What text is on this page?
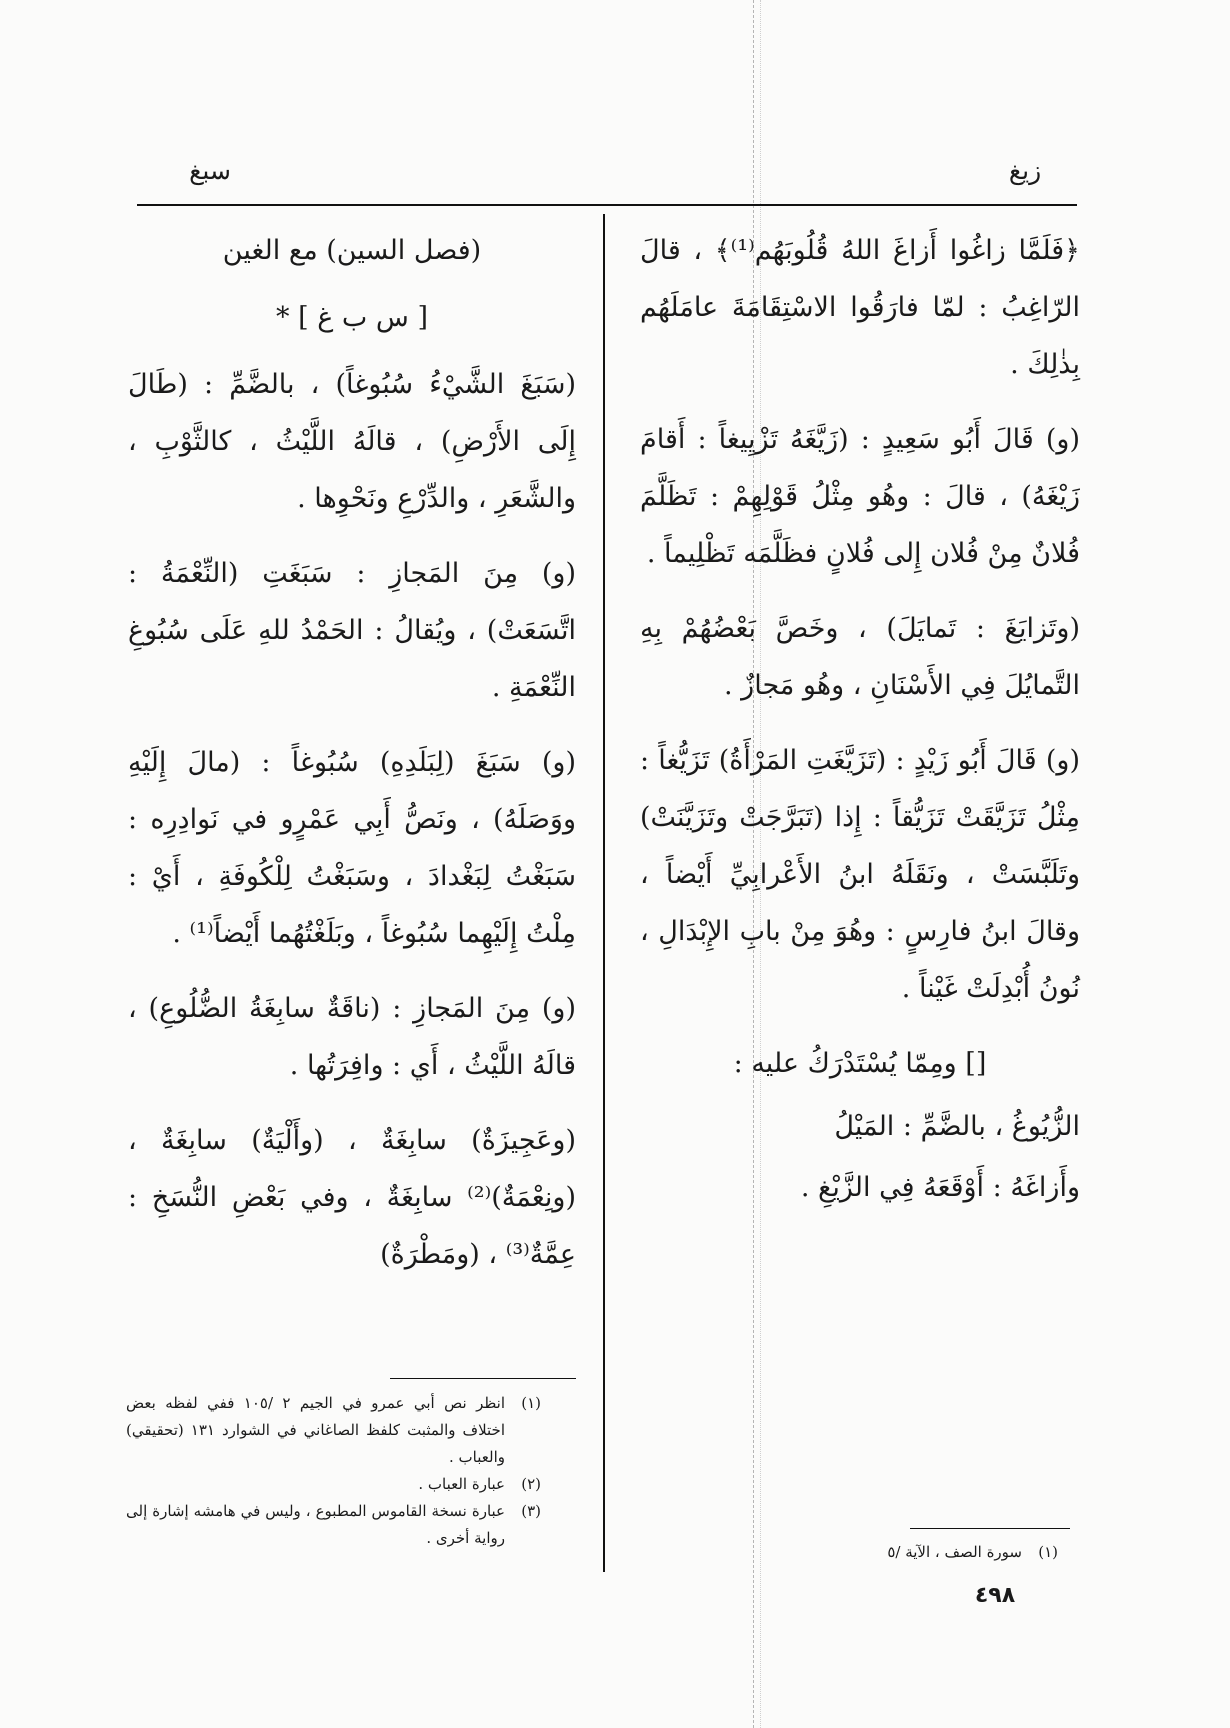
زيغ
سبغ

﴿فَلَمَّا زاغُوا أَزاغَ اللهُ قُلُوبَهُم⁽¹⁾﴾ ، قالَ الرّاغِبُ : لمّا فارَقُوا الاسْتِقَامَةَ عامَلَهُم بِذٰلِكَ .

(و) قَالَ أَبُو سَعِيدٍ : (زَيَّغَهُ تَزْيِيغاً : أَقامَ زَيْغَهُ) ، قالَ : وهُو مِثْلُ قَوْلِهِمْ : تَظَلَّمَ فُلانٌ مِنْ فُلان إِلى فُلانٍ فظَلَّمَه تَظْلِيماً .

(وتَزايَغَ : تَمايَلَ) ، وخَصَّ بَعْضُهُمْ بِهِ التَّمايُلَ فِي الأَسْنَانِ ، وهُو مَجازٌ .

(و) قَالَ أَبُو زَيْدٍ : (تَزَيَّغَتِ المَرْأَةُ) تَزَيُّغاً : مِثْلُ تَزَيَّقَتْ تَزَيُّقاً : إِذا (تَبَرَّجَتْ وتَزَيَّنَتْ) وتَلَبَّسَتْ ، ونَقَلَهُ ابنُ الأَعْرابِيِّ أَيْضاً ، وقالَ ابنُ فارِسٍ : وهُوَ مِنْ بابِ الإِبْدَالِ ، نُونُ أُبْدِلَتْ غَيْناً .

[] ومِمّا يُسْتَدْرَكُ عليه :

الزُّيُوغُ ، بالضَّمِّ : المَيْلُ

وأَزاغَهُ : أَوْقَعَهُ فِي الزَّيْغِ .

(١)
سورة الصف ، الآية /٥

(فصل السين) مع الغين

[ س ب غ ] *

(سَبَغَ الشَّيْءُ سُبُوغاً) ، بالضَّمِّ : (طَالَ إِلَى الأَرْضِ) ، قالَهُ اللَّيْثُ ، كالثَّوْبِ ، والشَّعَرِ ، والدِّرْعِ ونَحْوِها .

(و) مِنَ المَجازِ : سَبَغَتِ (النِّعْمَةُ : اتَّسَعَتْ) ، ويُقالُ : الحَمْدُ للهِ عَلَى سُبُوغِ النِّعْمَةِ .

(و) سَبَغَ (لِبَلَدِهِ) سُبُوغاً : (مالَ إِلَيْهِ ووَصَلَهُ) ، ونَصُّ أَبِي عَمْرٍو في نَوادِرِه : سَبَغْتُ لِبَغْدادَ ، وسَبَغْتُ لِلْكُوفَةِ ، أَيْ : مِلْتُ إِلَيْهِما سُبُوغاً ، وبَلَغْتُهُما أَيْضاً⁽¹⁾ .

(و) مِنَ المَجازِ : (ناقَةٌ سابِغَةُ الضُّلُوعِ) ، قالَهُ اللَّيْثُ ، أَي : وافِرَتُها .

(وعَجِيزَةٌ) سابِغَةٌ ، (وأَلْيَةٌ) سابِغَةٌ ، (ونِعْمَةٌ)⁽²⁾ سابِغَةٌ ، وفي بَعْضِ النُّسَخِ : عِمَّةٌ⁽³⁾ ، (ومَطْرَةٌ)

(١)
انظر نص أبي عمرو في الجيم ٢ /١٠٥ ففي لفظه بعض اختلاف والمثبت كلفظ الصاغاني في الشوارد ١٣١ (تحقيقي) والعباب .
(٢)
عبارة العباب .
(٣)
عبارة نسخة القاموس المطبوع ، وليس في هامشه إشارة إلى رواية أخرى .
٤٩٨
